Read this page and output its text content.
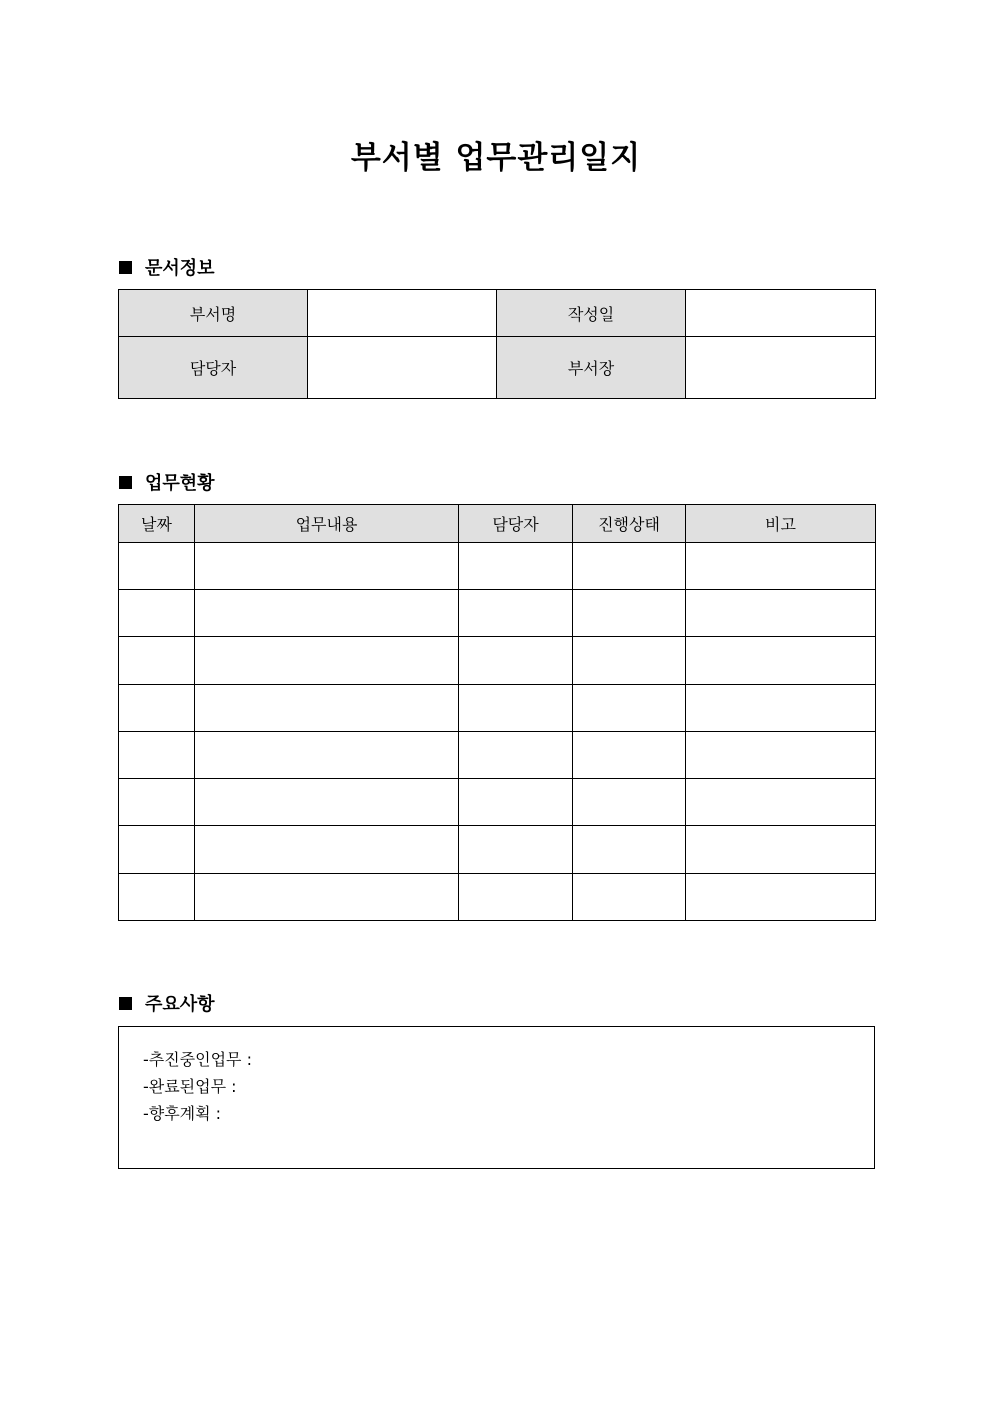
부서별 업무관리일지
문서정보
부서명		작성일	
담당자		부서장	
업무현황
날짜	업무내용	담당자	진행상태	비고

주요사항
-추진중인업무 :
-완료된업무 :
-향후계획 :
